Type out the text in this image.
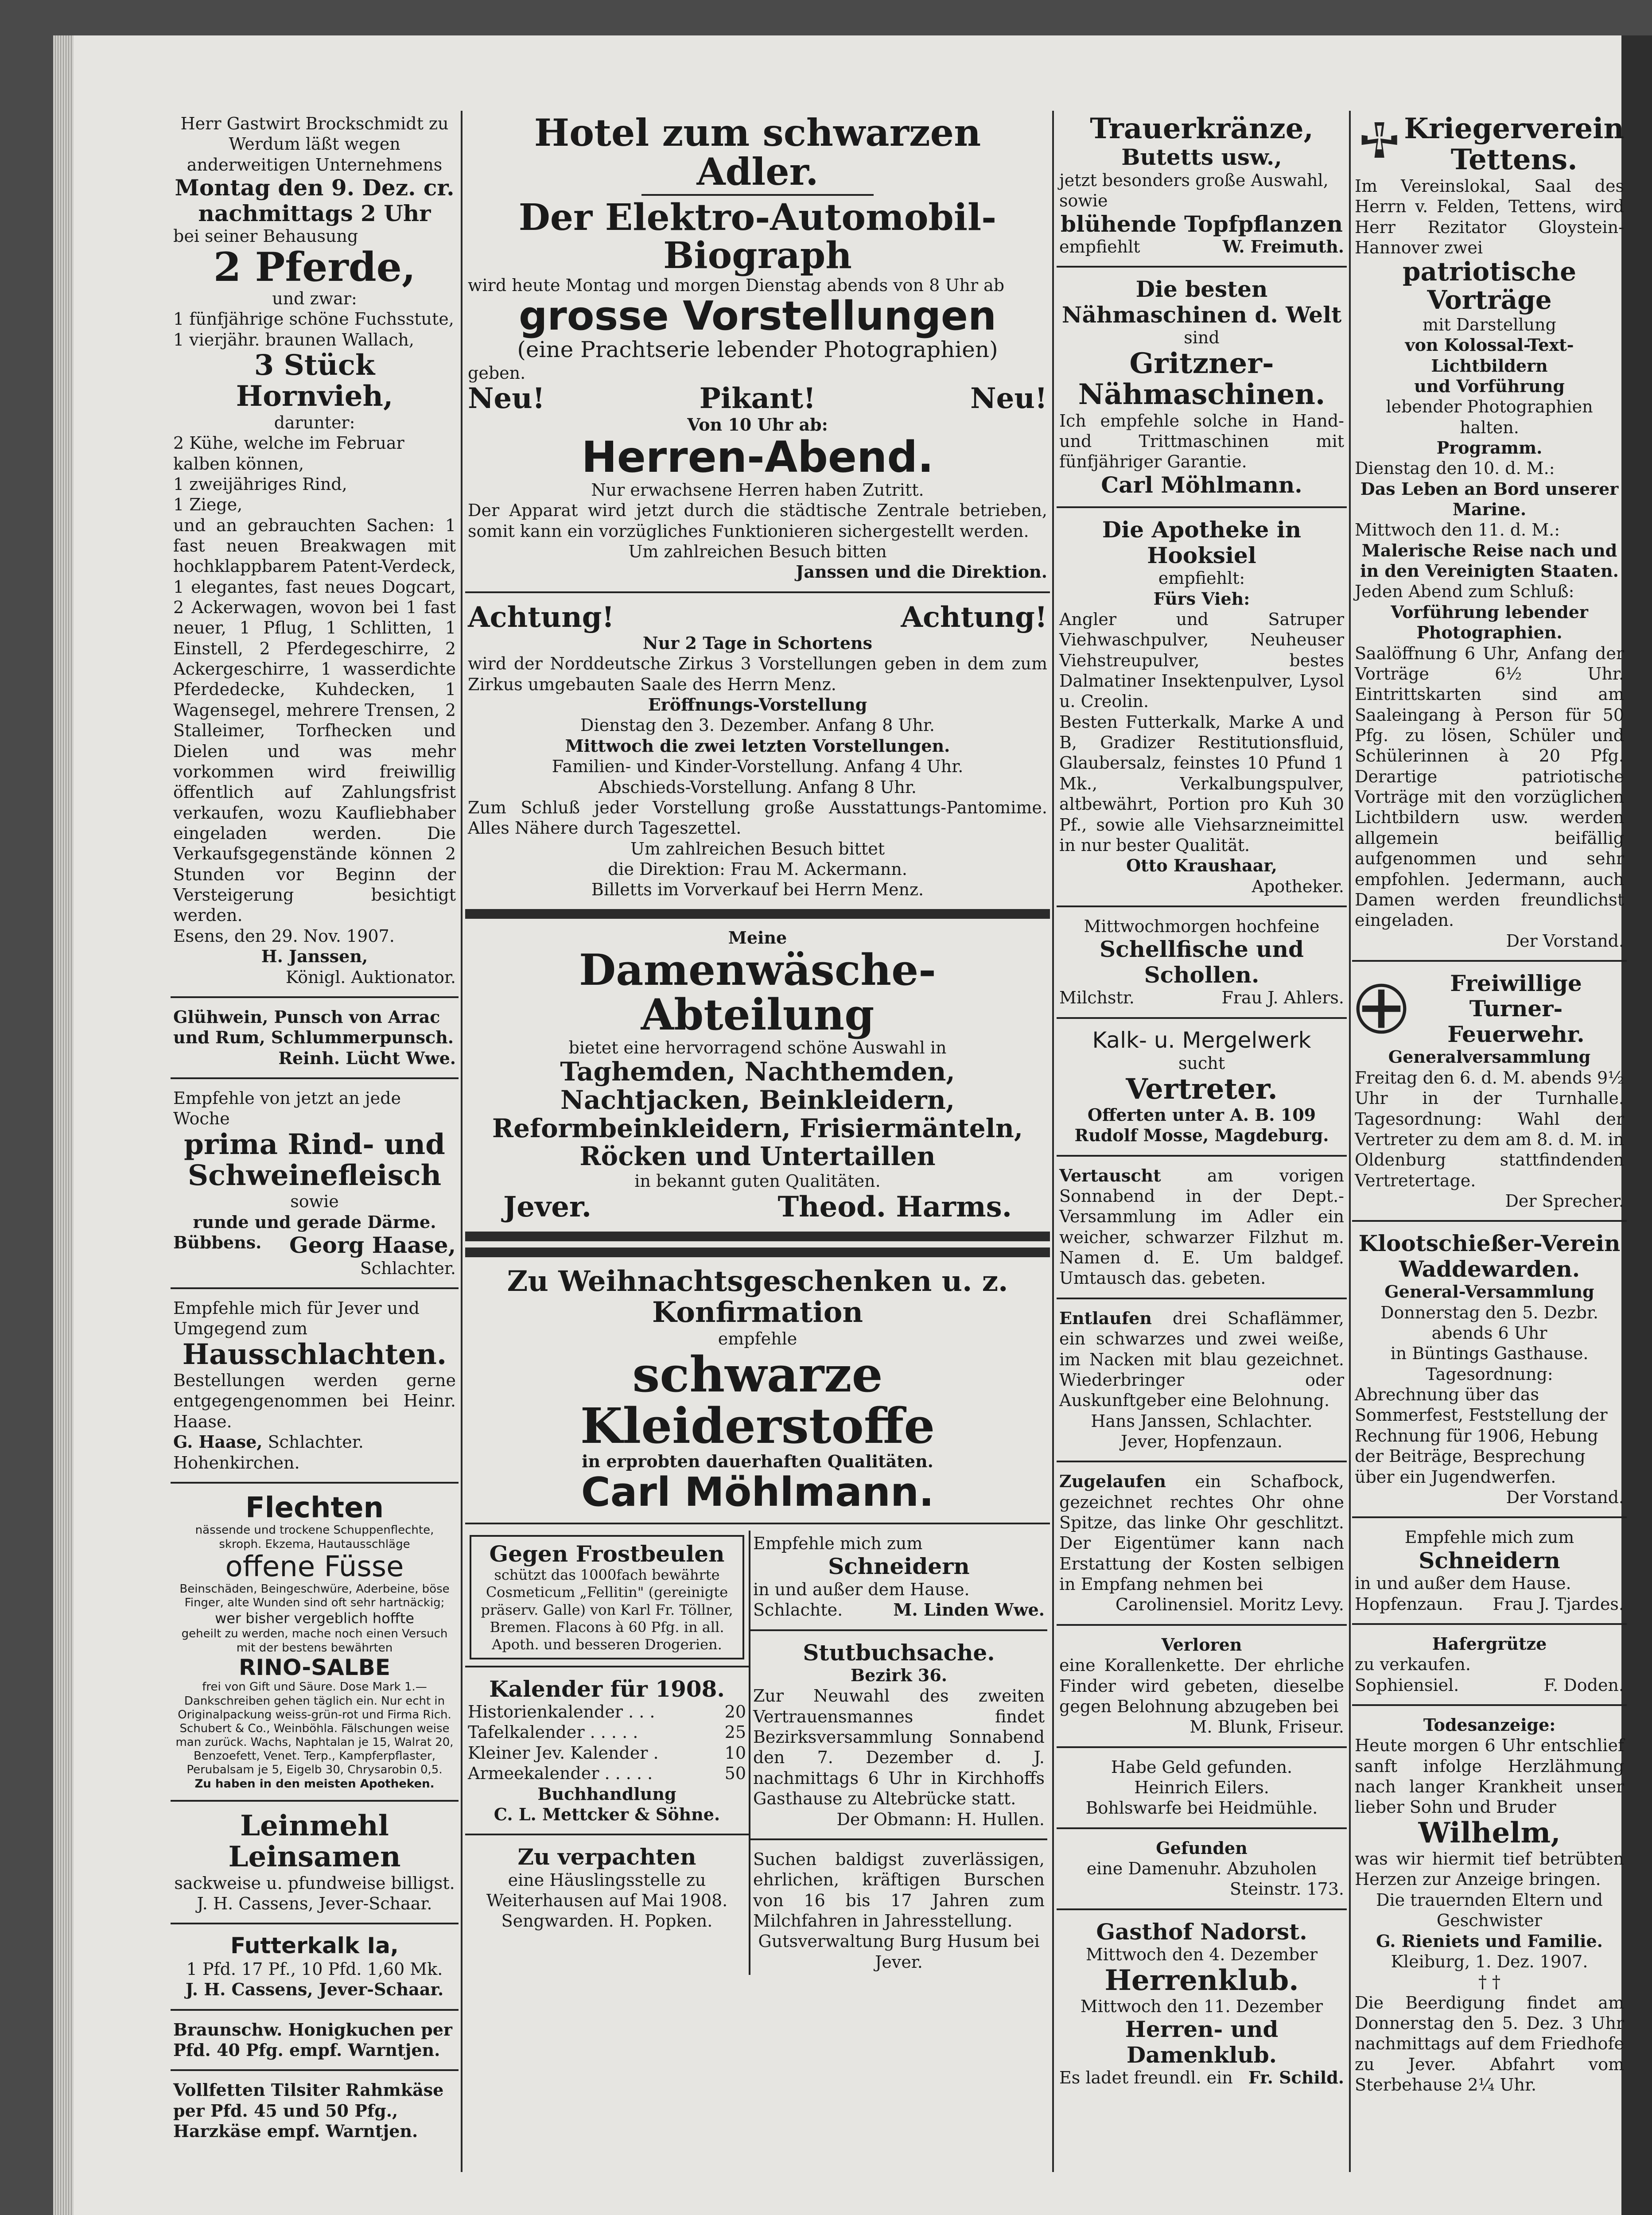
Herr Gastwirt Brockschmidt zu Werdum läßt wegen anderweitigen Unternehmens
Montag den 9. Dez. cr.
nachmittags 2 Uhr
bei seiner Behausung
2 Pferde,
und zwar:
1 fünfjährige schöne Fuchsstute,
1 vierjähr. braunen Wallach,
3 Stück Hornvieh,
darunter:
2 Kühe, welche im Februar kalben können,
1 zweijähriges Rind,
1 Ziege,
und an gebrauchten Sachen: 1 fast neuen Breakwagen mit hochklappbarem Patent-Verdeck, 1 elegantes, fast neues Dogcart, 2 Ackerwagen, wovon bei 1 fast neuer, 1 Pflug, 1 Schlitten, 1 Einstell, 2 Pferdegeschirre, 2 Ackergeschirre, 1 wasserdichte Pferdedecke, Kuhdecken, 1 Wagensegel, mehrere Trensen, 2 Stalleimer, Torfhecken und Dielen und was mehr vorkommen wird freiwillig öffentlich auf Zahlungsfrist verkaufen, wozu Kaufliebhaber eingeladen werden. Die Verkaufsgegenstände können 2 Stunden vor Beginn der Versteigerung besichtigt werden.
Esens, den 29. Nov. 1907.
H. Janssen,
Königl. Auktionator.
Glühwein, Punsch von Arrac und Rum, Schlummerpunsch.
Reinh. Lücht Wwe.
Empfehle von jetzt an jede Woche
prima Rind- und Schweinefleisch
sowie
runde und gerade Därme.
Bübbens. Georg Haase,
Schlachter.
Empfehle mich für Jever und Umgegend zum
Hausschlachten.
Bestellungen werden gerne entgegengenommen bei Heinr. Haase.
G. Haase, Schlachter.
Hohenkirchen.
Flechten
nässende und trockene Schuppenflechte, skroph. Ekzema, Hautausschläge
offene Füsse
Beinschäden, Beingeschwüre, Aderbeine, böse Finger, alte Wunden sind oft sehr hartnäckig;
wer bisher vergeblich hoffte
geheilt zu werden, mache noch einen Versuch mit der bestens bewährten
RINO-SALBE
frei von Gift und Säure. Dose Mark 1.— Dankschreiben gehen täglich ein. Nur echt in Originalpackung weiss-grün-rot und Firma Rich. Schubert & Co., Weinböhla. Fälschungen weise man zurück. Wachs, Naphtalan je 15, Walrat 20, Benzoefett, Venet. Terp., Kampferpflaster, Perubalsam je 5, Eigelb 30, Chrysarobin 0,5.
Zu haben in den meisten Apotheken.
Leinmehl
Leinsamen
sackweise u. pfundweise billigst.
J. H. Cassens, Jever-Schaar.
Futterkalk Ia,
1 Pfd. 17 Pf., 10 Pfd. 1,60 Mk.
J. H. Cassens, Jever-Schaar.
Braunschw. Honigkuchen per Pfd. 40 Pfg. empf. Warntjen.
Vollfetten Tilsiter Rahmkäse per Pfd. 45 und 50 Pfg., Harzkäse empf. Warntjen.
Hotel zum schwarzen Adler.
Der Elektro-Automobil-Biograph
wird heute Montag und morgen Dienstag abends von 8 Uhr ab
grosse Vorstellungen
(eine Prachtserie lebender Photographien)
geben.
Neu!	Pikant!	Neu!
Von 10 Uhr ab:
Herren-Abend.
Nur erwachsene Herren haben Zutritt.
Der Apparat wird jetzt durch die städtische Zentrale betrieben, somit kann ein vorzügliches Funktionieren sichergestellt werden.
Um zahlreichen Besuch bitten
Janssen und die Direktion.
Achtung!	Achtung!
Nur 2 Tage in Schortens
wird der Norddeutsche Zirkus 3 Vorstellungen geben in dem zum Zirkus umgebauten Saale des Herrn Menz.
Eröffnungs-Vorstellung
Dienstag den 3. Dezember. Anfang 8 Uhr.
Mittwoch die zwei letzten Vorstellungen.
Familien- und Kinder-Vorstellung. Anfang 4 Uhr.
Abschieds-Vorstellung. Anfang 8 Uhr.
Zum Schluß jeder Vorstellung große Ausstattungs-Pantomime. Alles Nähere durch Tageszettel.
Um zahlreichen Besuch bittet
die Direktion: Frau M. Ackermann.
Billetts im Vorverkauf bei Herrn Menz.
Meine
Damenwäsche-Abteilung
bietet eine hervorragend schöne Auswahl in
Taghemden, Nachthemden, Nachtjacken, Beinkleidern, Reformbeinkleidern, Frisiermänteln, Röcken und Untertaillen
in bekannt guten Qualitäten.
Jever.	Theod. Harms.
Zu Weihnachtsgeschenken u. z. Konfirmation
empfehle
schwarze Kleiderstoffe
in erprobten dauerhaften Qualitäten.
Carl Möhlmann.
Gegen Frostbeulen
schützt das 1000fach bewährte Cosmeticum „Fellitin" (gereinigte präserv. Galle) von Karl Fr. Töllner, Bremen. Flacons à 60 Pfg. in all. Apoth. und besseren Drogerien.
Kalender für 1908.
Historienkalender . . .	20
Tafelkalender . . . . .	25
Kleiner Jev. Kalender .	10
Armeekalender . . . . .	50
Buchhandlung
C. L. Mettcker & Söhne.
Zu verpachten
eine Häuslingsstelle zu Weiterhausen auf Mai 1908.
Sengwarden. H. Popken.
Empfehle mich zum
Schneidern
in und außer dem Hause.
Schlachte.	M. Linden Wwe.
Stutbuchsache.
Bezirk 36.
Zur Neuwahl des zweiten Vertrauensmannes findet Bezirksversammlung Sonnabend den 7. Dezember d. J. nachmittags 6 Uhr in Kirchhoffs Gasthause zu Altebrücke statt.
Der Obmann: H. Hullen.
Suchen baldigst zuverlässigen, ehrlichen, kräftigen Burschen von 16 bis 17 Jahren zum Milchfahren in Jahresstellung.
Gutsverwaltung Burg Husum bei Jever.
Trauerkränze,
Butetts usw.,
jetzt besonders große Auswahl, sowie
blühende Topfpflanzen
empfiehlt	W. Freimuth.
Die besten Nähmaschinen d. Welt
sind
Gritzner-
Nähmaschinen.
Ich empfehle solche in Hand- und Trittmaschinen mit fünfjähriger Garantie.
Carl Möhlmann.
Die Apotheke in Hooksiel
empfiehlt:
Fürs Vieh:
Angler und Satruper Viehwaschpulver, Neuheuser Viehstreupulver, bestes Dalmatiner Insektenpulver, Lysol u. Creolin.
Besten Futterkalk, Marke A und B, Gradizer Restitutionsfluid, Glaubersalz, feinstes 10 Pfund 1 Mk., Verkalbungspulver, altbewährt, Portion pro Kuh 30 Pf., sowie alle Viehsarzneimittel in nur bester Qualität.
Otto Kraushaar,
Apotheker.
Mittwochmorgen hochfeine
Schellfische und Schollen.
Milchstr.	Frau J. Ahlers.
Kalk- u. Mergelwerk
sucht
Vertreter.
Offerten unter A. B. 109 Rudolf Mosse, Magdeburg.
Vertauscht	am vorigen Sonnabend in der Dept.-Versammlung im Adler ein weicher, schwarzer Filzhut m. Namen d. E. Um baldgef. Umtausch das. gebeten.
Entlaufen drei Schaflämmer, ein schwarzes und zwei weiße, im Nacken mit blau gezeichnet. Wiederbringer oder Auskunftgeber eine Belohnung.
Hans Janssen, Schlachter.
Jever, Hopfenzaun.
Zugelaufen ein Schafbock, gezeichnet rechtes Ohr ohne Spitze, das linke Ohr geschlitzt. Der Eigentümer kann nach Erstattung der Kosten selbigen in Empfang nehmen bei
Carolinensiel. Moritz Levy.
Verloren
eine Korallenkette. Der ehrliche Finder wird gebeten, dieselbe gegen Belohnung abzugeben bei
M. Blunk, Friseur.
Habe Geld gefunden.
Heinrich Eilers.
Bohlswarfe bei Heidmühle.
Gefunden
eine Damenuhr. Abzuholen
Steinstr. 173.
Gasthof Nadorst.
Mittwoch den 4. Dezember
Herrenklub.
Mittwoch den 11. Dezember
Herren- und Damenklub.
Es ladet freundl. ein Fr. Schild.
Kriegerverein
Tettens.
Im Vereinslokal, Saal des Herrn v. Felden, Tettens, wird Herr Rezitator Gloystein-Hannover zwei
patriotische Vorträge
mit Darstellung
von Kolossal-Text-Lichtbildern
und Vorführung
lebender Photographien
halten.
Programm.
Dienstag den 10. d. M.:
Das Leben an Bord unserer Marine.
Mittwoch den 11. d. M.:
Malerische Reise nach und in den Vereinigten Staaten.
Jeden Abend zum Schluß:
Vorführung lebender Photographien.
Saalöffnung 6 Uhr, Anfang der Vorträge 6½ Uhr. Eintrittskarten sind am Saaleingang à Person für 50 Pfg. zu lösen, Schüler und Schülerinnen à 20 Pfg. Derartige patriotische Vorträge mit den vorzüglichen Lichtbildern usw. werden allgemein beifällig aufgenommen und sehr empfohlen. Jedermann, auch Damen werden freundlichst eingeladen.
Der Vorstand.
Freiwillige
Turner-Feuerwehr.
Generalversammlung
Freitag den 6. d. M. abends 9½ Uhr in der Turnhalle. Tagesordnung: Wahl der Vertreter zu dem am 8. d. M. in Oldenburg stattfindenden Vertretertage.
Der Sprecher.
Klootschießer-Verein
Waddewarden.
General-Versammlung
Donnerstag den 5. Dezbr. abends 6 Uhr
in Büntings Gasthause.
Tagesordnung:
Abrechnung über das Sommerfest, Feststellung der Rechnung für 1906, Hebung der Beiträge, Besprechung über ein Jugendwerfen.
Der Vorstand.
Empfehle mich zum
Schneidern
in und außer dem Hause.
Hopfenzaun. Frau J. Tjardes.
Hafergrütze
zu verkaufen.
Sophiensiel.	F. Doden.
Todesanzeige:
Heute morgen 6 Uhr entschlief sanft infolge Herzlähmung nach langer Krankheit unser lieber Sohn und Bruder
Wilhelm,
was wir hiermit tief betrübten Herzen zur Anzeige bringen.
Die trauernden Eltern und Geschwister
G. Rieniets und Familie.
Kleiburg, 1. Dez. 1907.
† †
Die Beerdigung findet am Donnerstag den 5. Dez. 3 Uhr nachmittags auf dem Friedhofe zu Jever. Abfahrt vom Sterbehause 2¼ Uhr.
